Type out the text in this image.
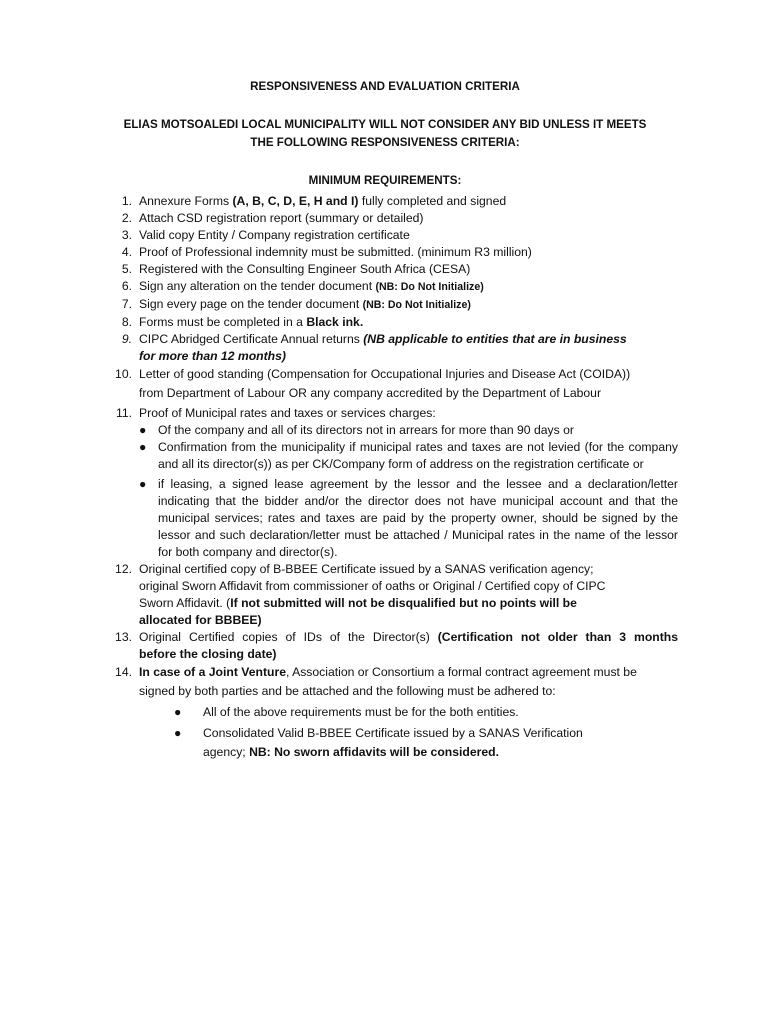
RESPONSIVENESS AND EVALUATION CRITERIA
ELIAS MOTSOALEDI LOCAL MUNICIPALITY WILL NOT CONSIDER ANY BID UNLESS IT MEETS
THE FOLLOWING RESPONSIVENESS CRITERIA:
MINIMUM REQUIREMENTS:
1. Annexure Forms (A, B, C, D, E, H and I) fully completed and signed
2. Attach CSD registration report (summary or detailed)
3. Valid copy Entity / Company registration certificate
4. Proof of Professional indemnity must be submitted. (minimum R3 million)
5. Registered with the Consulting Engineer South Africa (CESA)
6. Sign any alteration on the tender document (NB: Do Not Initialize)
7. Sign every page on the tender document (NB: Do Not Initialize)
8. Forms must be completed in a Black ink.
9. CIPC Abridged Certificate Annual returns (NB applicable to entities that are in business
for more than 12 months)
10. Letter of good standing (Compensation for Occupational Injuries and Disease Act (COIDA))
from Department of Labour OR any company accredited by the Department of Labour
11. Proof of Municipal rates and taxes or services charges:
● Of the company and all of its directors not in arrears for more than 90 days or
● Confirmation from the municipality if municipal rates and taxes are not levied (for the company and all its director(s)) as per CK/Company form of address on the registration certificate or
● if leasing, a signed lease agreement by the lessor and the lessee and a declaration/letter indicating that the bidder and/or the director does not have municipal account and that the municipal services; rates and taxes are paid by the property owner, should be signed by the lessor and such declaration/letter must be attached / Municipal rates in the name of the lessor for both company and director(s).
12. Original certified copy of B-BBEE Certificate issued by a SANAS verification agency;
original Sworn Affidavit from commissioner of oaths or Original / Certified copy of CIPC
Sworn Affidavit. (If not submitted will not be disqualified but no points will be
allocated for BBBEE)
13. Original Certified copies of IDs of the Director(s) (Certification not older than 3 months
before the closing date)
14. In case of a Joint Venture, Association or Consortium a formal contract agreement must be
signed by both parties and be attached and the following must be adhered to:
● All of the above requirements must be for the both entities.
● Consolidated Valid B-BBEE Certificate issued by a SANAS Verification
agency; NB: No sworn affidavits will be considered.
